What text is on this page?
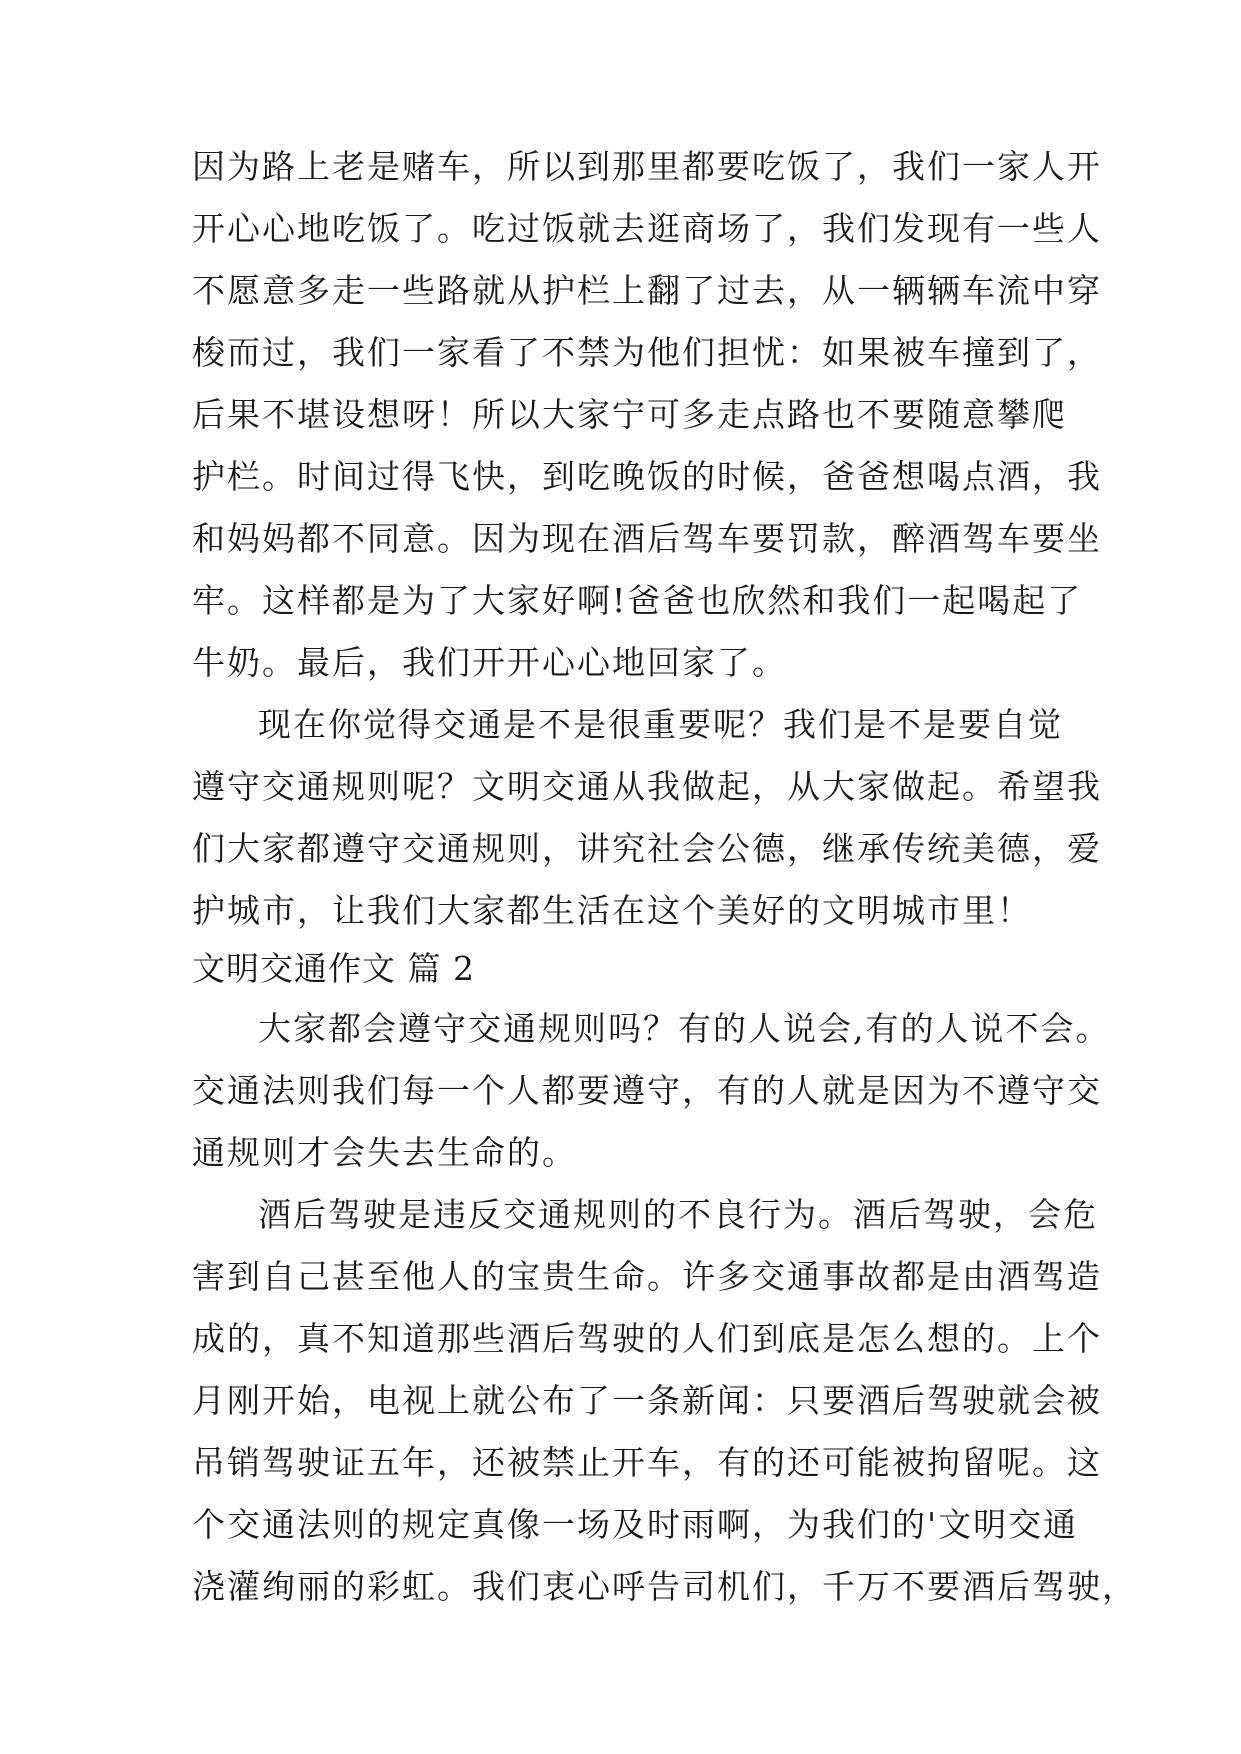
因为路上老是赌车，所以到那里都要吃饭了，我们一家人开
开心心地吃饭了。吃过饭就去逛商场了，我们发现有一些人
不愿意多走一些路就从护栏上翻了过去，从一辆辆车流中穿
梭而过，我们一家看了不禁为他们担忧：如果被车撞到了，
后果不堪设想呀！所以大家宁可多走点路也不要随意攀爬
护栏。时间过得飞快，到吃晚饭的时候，爸爸想喝点酒，我
和妈妈都不同意。因为现在酒后驾车要罚款，醉酒驾车要坐
牢。这样都是为了大家好啊!爸爸也欣然和我们一起喝起了
牛奶。最后，我们开开心心地回家了。
现在你觉得交通是不是很重要呢？我们是不是要自觉
遵守交通规则呢？文明交通从我做起，从大家做起。希望我
们大家都遵守交通规则，讲究社会公德，继承传统美德，爱
护城市，让我们大家都生活在这个美好的文明城市里！
文明交通作文 篇 2
大家都会遵守交通规则吗？有的人说会,有的人说不会。
交通法则我们每一个人都要遵守，有的人就是因为不遵守交
通规则才会失去生命的。
酒后驾驶是违反交通规则的不良行为。酒后驾驶，会危
害到自己甚至他人的宝贵生命。许多交通事故都是由酒驾造
成的，真不知道那些酒后驾驶的人们到底是怎么想的。上个
月刚开始，电视上就公布了一条新闻：只要酒后驾驶就会被
吊销驾驶证五年，还被禁止开车，有的还可能被拘留呢。这
个交通法则的规定真像一场及时雨啊，为我们的'文明交通
浇灌绚丽的彩虹。我们衷心呼告司机们，千万不要酒后驾驶，
